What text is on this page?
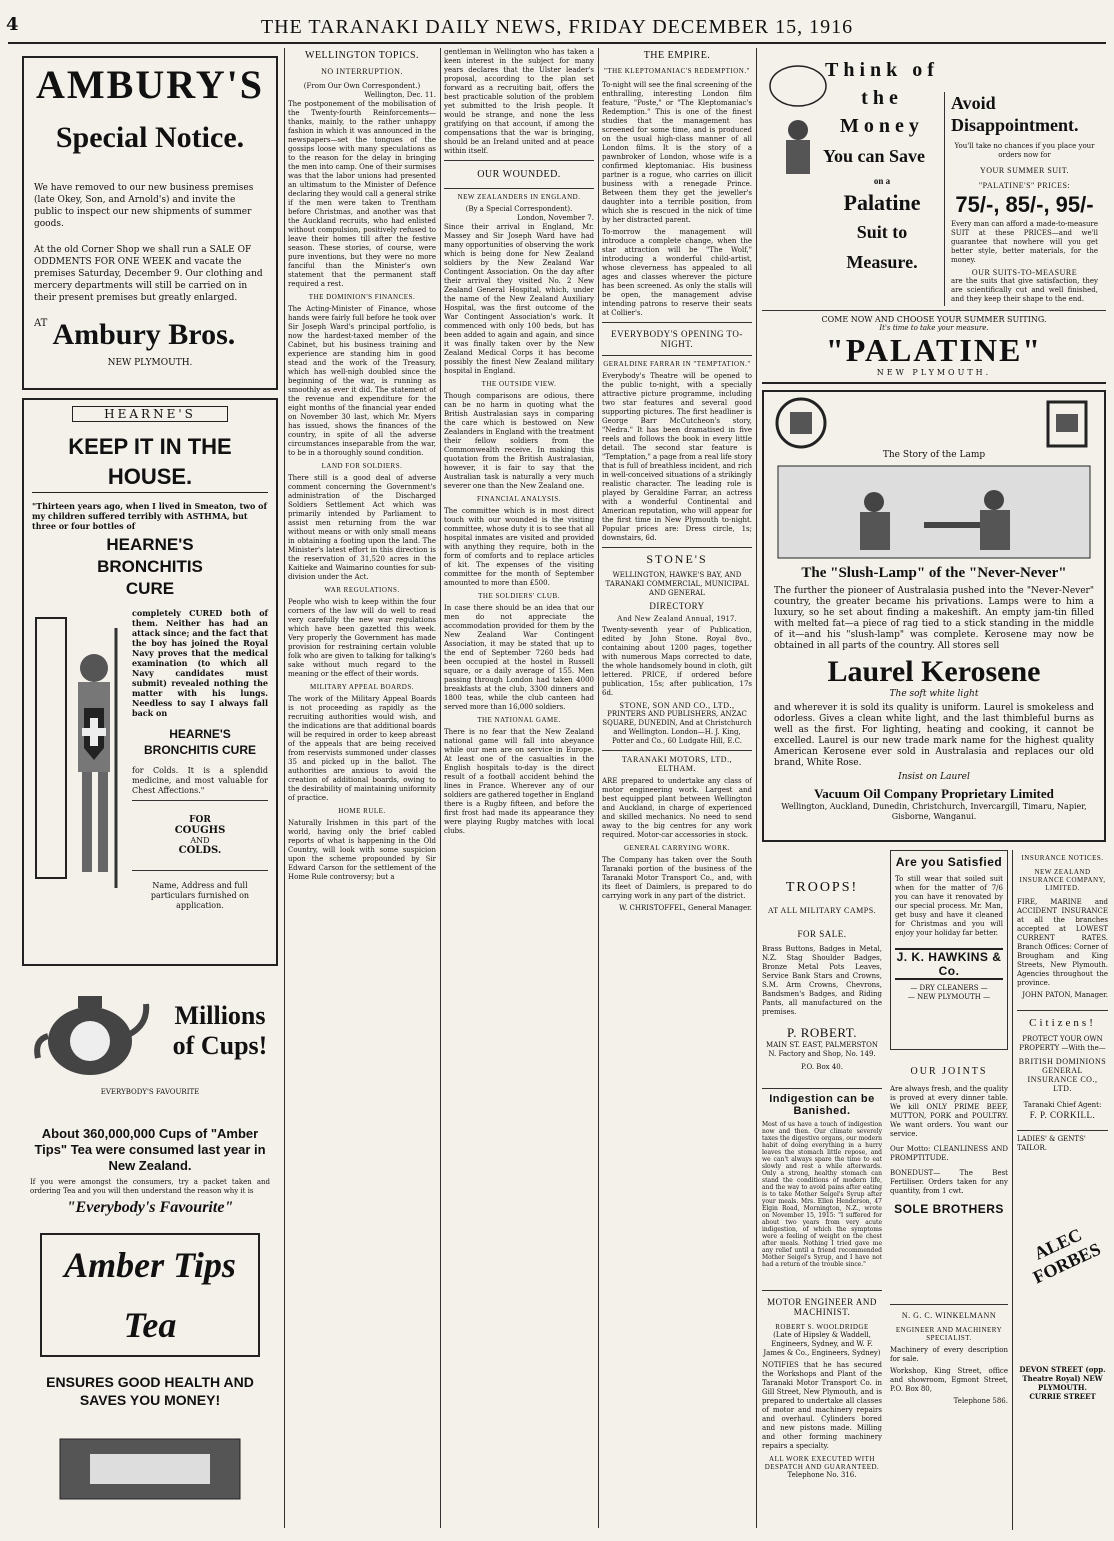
4	THE TARANAKI DAILY NEWS, FRIDAY DECEMBER 15, 1916
AMBURY'S
Special Notice.

We have removed to our new business premises (late Okey, Son, and Arnold's) and invite the public to inspect our new shipments of summer goods.

At the old Corner Shop we shall run a SALE OF ODDMENTS FOR ONE WEEK and vacate the premises Saturday, December 9. Our clothing and mercery departments will still be carried on in their present premises but greatly enlarged.

$^{AT}$ Ambury Bros.
NEW PLYMOUTH.
HEARNE'S
KEEP IT IN THE HOUSE.

"Thirteen years ago, when I lived in Smeaton, two of my children suffered terribly with ASTHMA, but three or four bottles of

HEARNE'S BRONCHITIS CURE

completely CURED both of them. Neither has had an attack since; and the fact that the boy has joined the Royal Navy proves that the medical examination (to which all Navy candidates must submit) revealed nothing the matter with his lungs. Needless to say I always fall back on

HEARNE'S BRONCHITIS CURE

for Colds. It is a splendid medicine, and most valuable for Chest Affections."

FOR
COUGHS
AND
COLDS.

Name, Address and full particulars furnished on application.

Millions of Cups!
EVERYBODY'S FAVOURITE
About 360,000,000 Cups of "Amber Tips" Tea were consumed last year in New Zealand.

If you were amongst the consumers, try a packet taken and ordering Tea and you will then understand the reason why it is

"Everybody's Favourite"
Amber Tips Tea
ENSURES GOOD HEALTH AND SAVES YOU MONEY!
WELLINGTON TOPICS.
NO INTERRUPTION.
(From Our Own Correspondent.)
Wellington, Dec. 11.

The postponement of the mobilisation of the Twenty-fourth Reinforcements—thanks, mainly, to the rather unhappy fashion in which it was announced in the newspapers—set the tongues of the gossips loose with many speculations as to the reason for the delay in bringing the men into camp. One of their surmises was that the labor unions had presented an ultimatum to the Minister of Defence declaring they would call a general strike if the men were taken to Trentham before Christmas, and another was that the Auckland recruits, who had enlisted without compulsion, positively refused to leave their homes till after the festive season. These stories, of course, were pure inventions, but they were no more fanciful than the Minister's own statement that the permanent staff required a rest.

THE DOMINION'S FINANCES.

The Acting-Minister of Finance, whose hands were fairly full before he took over Sir Joseph Ward's principal portfolio, is now the hardest-taxed member of the Cabinet, but his business training and experience are standing him in good stead and the work of the Treasury, which has well-nigh doubled since the beginning of the war, is running as smoothly as ever it did. The statement of the revenue and expenditure for the eight months of the financial year ended on November 30 last, which Mr. Myers has issued, shows the finances of the country, in spite of all the adverse circumstances inseparable from the war, to be in a thoroughly sound condition.

LAND FOR SOLDIERS.

There still is a good deal of adverse comment concerning the Government's administration of the Discharged Soldiers Settlement Act which was primarily intended by Parliament to assist men returning from the war without means or with only small means in obtaining a footing upon the land. The Minister's latest effort in this direction is the reservation of 31,520 acres in the Kaitieke and Waimarino counties for sub-division under the Act.

WAR REGULATIONS.

People who wish to keep within the four corners of the law will do well to read very carefully the new war regulations which have been gazetted this week. Very properly the Government has made provision for restraining certain voluble folk who are given to talking for talking's sake without much regard to the meaning or the effect of their words.

MILITARY APPEAL BOARDS.

The work of the Military Appeal Boards is not proceeding as rapidly as the recruiting authorities would wish, and the indications are that additional boards will be required in order to keep abreast of the appeals that are being received from reservists summoned under classes 35 and picked up in the ballot. The authorities are anxious to avoid the creation of additional boards, owing to the desirability of maintaining uniformity of practice.

HOME RULE.

Naturally Irishmen in this part of the world, having only the brief cabled reports of what is happening in the Old Country, will look with some suspicion upon the scheme propounded by Sir Edward Carson for the settlement of the Home Rule controversy; but a

gentleman in Wellington who has taken a keen interest in the subject for many years declares that the Ulster leader's proposal, according to the plan set forward as a recruiting bait, offers the best practicable solution of the problem yet submitted to the Irish people. It would be strange, and none the less gratifying on that account, if among the compensations that the war is bringing, should be an Ireland united and at peace within itself.

OUR WOUNDED.
NEW ZEALANDERS IN ENGLAND.
(By a Special Correspondent).
London, November 7.

Since their arrival in England, Mr. Massey and Sir Joseph Ward have had many opportunities of observing the work which is being done for New Zealand soldiers by the New Zealand War Contingent Association. On the day after their arrival they visited No. 2 New Zealand General Hospital, which, under the name of the New Zealand Auxiliary Hospital, was the first outcome of the War Contingent Association's work. It commenced with only 100 beds, but has been added to again and again, and since it was finally taken over by the New Zealand Medical Corps it has become possibly the finest New Zealand military hospital in England.

THE OUTSIDE VIEW.

Though comparisons are odious, there can be no harm in quoting what the British Australasian says in comparing the care which is bestowed on New Zealanders in England with the treatment their fellow soldiers from the Commonwealth receive. In making this quotation from the British Australasian, however, it is fair to say that the Australian task is naturally a very much severer one than the New Zealand one.

FINANCIAL ANALYSIS.

The committee which is in most direct touch with our wounded is the visiting committee, whose duty it is to see that all hospital inmates are visited and provided with anything they require, both in the form of comforts and to replace articles of kit. The expenses of the visiting committee for the month of September amounted to more than £500.

THE SOLDIERS' CLUB.

In case there should be an idea that our men do not appreciate the accommodation provided for them by the New Zealand War Contingent Association, it may be stated that up to the end of September 7260 beds had been occupied at the hostel in Russell square, or a daily average of 155. Men passing through London had taken 4000 breakfasts at the club, 3300 dinners and 1800 teas, while the club canteen had served more than 16,000 soldiers.

THE NATIONAL GAME.

There is no fear that the New Zealand national game will fall into abeyance while our men are on service in Europe. At least one of the casualties in the English hospitals to-day is the direct result of a football accident behind the lines in France. Wherever any of our soldiers are gathered together in England there is a Rugby fifteen, and before the first frost had made its appearance they were playing Rugby matches with local clubs.

THE EMPIRE.
"THE KLEPTOMANIAC'S REDEMPTION."

To-night will see the final screening of the enthralling, interesting London film feature, "Poste," or "The Kleptomaniac's Redemption." This is one of the finest studies that the management has screened for some time, and is produced on the usual high-class manner of all London films. It is the story of a pawnbroker of London, whose wife is a confirmed kleptomaniac. His business partner is a rogue, who carries on illicit business with a renegade Prince. Between them they get the jeweller's daughter into a terrible position, from which she is rescued in the nick of time by her distracted parent.

To-morrow the management will introduce a complete change, when the star attraction will be "The Wolf," introducing a wonderful child-artist, whose cleverness has appealed to all ages and classes wherever the picture has been screened. As only the stalls will be open, the management advise intending patrons to reserve their seats at Collier's.

EVERYBODY'S OPENING TO-NIGHT.
GERALDINE FARRAR IN "TEMPTATION."

Everybody's Theatre will be opened to the public to-night, with a specially attractive picture programme, including two star features and several good supporting pictures. The first headliner is George Barr McCutcheon's story, "Nedra." It has been dramatised in five reels and follows the book in every little detail. The second star feature is "Temptation," a page from a real life story that is full of breathless incident, and rich in well-conceived situations of a strikingly realistic character. The leading role is played by Geraldine Farrar, an actress with a wonderful Continental and American reputation, who will appear for the first time in New Plymouth to-night. Popular prices are: Dress circle, 1s; downstairs, 6d.

STONE'S
WELLINGTON, HAWKE'S BAY, AND TARANAKI COMMERCIAL, MUNICIPAL AND GENERAL
DIRECTORY
And New Zealand Annual, 1917.

Twenty-seventh year of Publication, edited by John Stone. Royal 8vo., containing about 1200 pages, together with numerous Maps corrected to date, the whole handsomely bound in cloth, gilt lettered. PRICE, if ordered before publication, 15s; after publication, 17s 6d.

STONE, SON AND CO., LTD.,
PRINTERS AND PUBLISHERS, ANZAC SQUARE, DUNEDIN, And at Christchurch and Wellington. London—H. J. King, Potter and Co., 60 Ludgate Hill, E.C.
TARANAKI MOTORS, LTD., ELTHAM.

ARE prepared to undertake any class of motor engineering work. Largest and best equipped plant between Wellington and Auckland, in charge of experienced and skilled mechanics. No need to send away to the big centres for any work required. Motor-car accessories in stock.

GENERAL CARRYING WORK.

The Company has taken over the South Taranaki portion of the business of the Taranaki Motor Transport Co., and, with its fleet of Daimlers, is prepared to do carrying work in any part of the district.

W. CHRISTOFFEL, General Manager.
Think of the Money
You can Save
on a
Palatine
Suit to
Measure.
Avoid Disappointment.

You'll take no chances if you place your orders now for

YOUR SUMMER SUIT.
"PALATINE'S" PRICES:
75/-, 85/-, 95/-

Every man can afford a made-to-measure SUIT at these PRICES—and we'll guarantee that nowhere will you get better style, better materials, for the money.

OUR SUITS-TO-MEASURE

are the suits that give satisfaction, they are scientifically cut and well finished, and they keep their shape to the end.

COME NOW AND CHOOSE YOUR SUMMER SUITING.
It's time to take your measure.
"PALATINE"
NEW PLYMOUTH.
The Story of the Lamp
The "Slush-Lamp" of the "Never-Never"

The further the pioneer of Australasia pushed into the "Never-Never" country, the greater became his privations. Lamps were to him a luxury, so he set about finding a makeshift. An empty jam-tin filled with melted fat—a piece of rag tied to a stick standing in the middle of it—and his "slush-lamp" was complete. Kerosene may now be obtained in all parts of the country. All stores sell

Laurel Kerosene
The soft white light

and wherever it is sold its quality is uniform. Laurel is smokeless and odorless. Gives a clean white light, and the last thimbleful burns as well as the first. For lighting, heating and cooking, it cannot be excelled. Laurel is our new trade mark name for the highest quality American Kerosene ever sold in Australasia and replaces our old brand, White Rose.

Insist on Laurel
Vacuum Oil Company Proprietary Limited
Wellington, Auckland, Dunedin, Christchurch, Invercargill, Timaru, Napier, Gisborne, Wanganui.
TROOPS!
AT ALL MILITARY CAMPS.
FOR SALE.

Brass Buttons, Badges in Metal, N.Z. Stag Shoulder Badges, Bronze Metal Pots Leaves, Service Bank Stars and Crowns, S.M. Arm Crowns, Chevrons, Bandsmen's Badges, and Riding Pants, all manufactured on the premises.

P. ROBERT.
MAIN ST. EAST, PALMERSTON N. Factory and Shop, No. 149.
P.O. Box 40.
Indigestion can be Banished.

Most of us have a touch of indigestion now and then. Our climate severely taxes the digestive organs, our modern habit of doing everything in a hurry leaves the stomach little repose, and we can't always spare the time to eat slowly and rest a while afterwards. Only a strong, healthy stomach can stand the conditions of modern life, and the way to avoid pains after eating is to take Mother Seigel's Syrup after your meals. Mrs. Ellen Henderson, 47 Elgin Road, Mornington, N.Z., wrote on November 15, 1915: "I suffered for about two years from very acute indigestion, of which the symptoms were a feeling of weight on the chest after meals. Nothing I tried gave me any relief until a friend recommended Mother Seigel's Syrup, and I have not had a return of the trouble since."

MOTOR ENGINEER AND MACHINIST.
ROBERT S. WOOLDRIDGE

(Late of Hipsley & Waddell, Engineers, Sydney, and W. F. James & Co., Engineers, Sydney)

NOTIFIES that he has secured the Workshops and Plant of the Taranaki Motor Transport Co. in Gill Street, New Plymouth, and is prepared to undertake all classes of motor and machinery repairs and overhaul. Cylinders bored and new pistons made. Milling and other forming machinery repairs a specialty.

ALL WORK EXECUTED WITH DESPATCH AND GUARANTEED.
Telephone No. 316.
Are you Satisfied

To still wear that soiled suit when for the matter of 7/6 you can have it renovated by our special process. Mr. Man, get busy and have it cleaned for Christmas and you will enjoy your holiday far better.

J. K. HAWKINS & Co.
— DRY CLEANERS —
— NEW PLYMOUTH —
OUR JOINTS

Are always fresh, and the quality is proved at every dinner table. We kill ONLY PRIME BEEF, MUTTON, PORK and POULTRY. We want orders. You want our service.

Our Motto: CLEANLINESS AND PROMPTITUDE.

BONEDUST— The Best Fertiliser. Orders taken for any quantity, from 1 cwt.

SOLE BROTHERS
N. G. C. WINKELMANN
ENGINEER AND MACHINERY SPECIALIST.

Machinery of every description for sale.

Workshop, King Street, office and showroom, Egmont Street, P.O. Box 80,

Telephone 586.
INSURANCE NOTICES.
NEW ZEALAND INSURANCE COMPANY, LIMITED.

FIRE, MARINE and ACCIDENT INSURANCE at all the branches accepted at LOWEST CURRENT RATES. Branch Offices: Corner of Brougham and King Streets, New Plymouth. Agencies throughout the province.

JOHN PATON, Manager.
Citizens!
PROTECT YOUR OWN PROPERTY —With the—
BRITISH DOMINIONS GENERAL INSURANCE CO., LTD.
Taranaki Chief Agent:
F. P. CORKILL.
LADIES' & GENTS' TAILOR.
ALEC FORBES
DEVON STREET (opp. Theatre Royal) NEW PLYMOUTH.
CURRIE STREET
